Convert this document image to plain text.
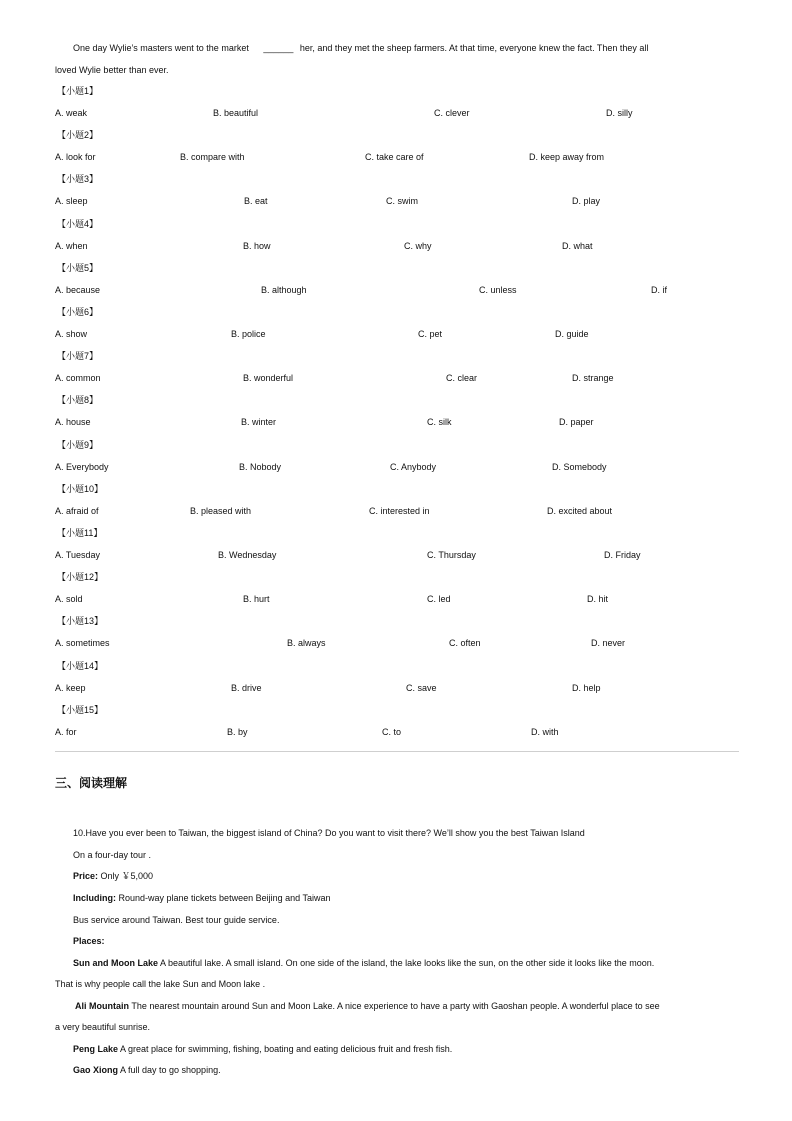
One day Wylie’s masters went to the market ______ her, and they met the sheep farmers. At that time, everyone knew the fact. Then they all
loved Wylie better than ever.
【小题1】
A. weak	B. beautiful	C. clever	D. silly
【小题2】
A. look for	B. compare with	C. take care of	D. keep away from
【小题3】
A. sleep	B. eat	C. swim	D. play
【小题4】
A. when	B. how	C. why	D. what
【小题5】
A. because	B. although	C. unless	D. if
【小题6】
A. show	B. police	C. pet	D. guide
【小题7】
A. common	B. wonderful	C. clear	D. strange
【小题8】
A. house	B. winter	C. silk	D. paper
【小题9】
A. Everybody	B. Nobody	C. Anybody	D. Somebody
【小题10】
A. afraid of	B. pleased with	C. interested in	D. excited about
【小题11】
A. Tuesday	B. Wednesday	C. Thursday	D. Friday
【小题12】
A. sold	B. hurt	C. led	D. hit
【小题13】
A. sometimes	B. always	C. often	D. never
【小题14】
A. keep	B. drive	C. save	D. help
【小题15】
A. for	B. by	C. to	D. with
三、阅读理解
10.Have you ever been to Taiwan, the biggest island of China? Do you want to visit there? We’ll show you the best Taiwan Island
On a four-day tour .
Price: Only ￥5,000
Including: Round-way plane tickets between Beijing and Taiwan
Bus service around Taiwan. Best tour guide service.
Places:
Sun and Moon Lake A beautiful lake. A small island. On one side of the island, the lake looks like the sun, on the other side it looks like the moon.
That is why people call the lake Sun and Moon lake .
Ali Mountain The nearest mountain around Sun and Moon Lake. A nice experience to have a party with Gaoshan people. A wonderful place to see
a very beautiful sunrise.
Peng Lake A great place for swimming, fishing, boating and eating delicious fruit and fresh fish.
Gao Xiong A full day to go shopping.
